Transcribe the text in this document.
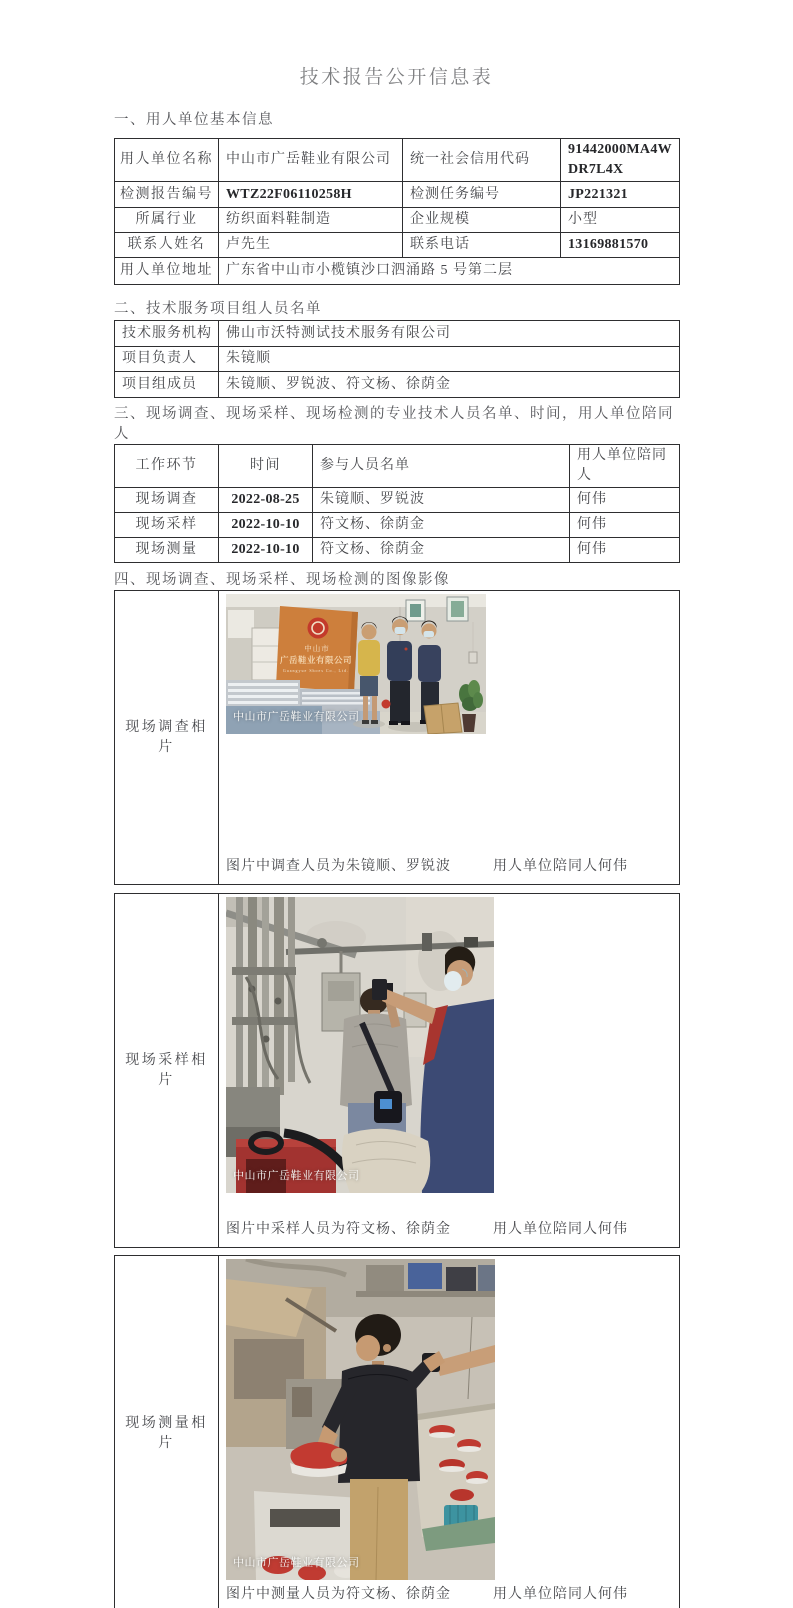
技术报告公开信息表
一、用人单位基本信息
用人单位名称	中山市广岳鞋业有限公司	统一社会信用代码	91442000MA4WDR7L4X
检测报告编号	WTZ22F06110258H	检测任务编号	JP221321
所属行业	纺织面料鞋制造	企业规模	小型
联系人姓名	卢先生	联系电话	13169881570
用人单位地址	广东省中山市小榄镇沙口泗涌路 5 号第二层		
二、技术服务项目组人员名单
技术服务机构	佛山市沃特测试技术服务有限公司
项目负责人	朱镜顺
项目组成员	朱镜顺、罗锐波、符文杨、徐荫金
三、现场调查、现场采样、现场检测的专业技术人员名单、时间，用人单位陪同人
工作环节	时间	参与人员名单	用人单位陪同人
现场调查	2022-08-25	朱镜顺、罗锐波	何伟
现场采样	2022-10-10	符文杨、徐荫金	何伟
现场测量	2022-10-10	符文杨、徐荫金	何伟
四、现场调查、现场采样、现场检测的图像影像
现场调查相片	
中山市
广岳鞋业有限公司
Guangyue Shoes Co., Ltd.
中山市广岳鞋业有限公司
图片中调查人员为朱镜顺、罗锐波	用人单位陪同人何伟
现场采样相片	
中山市广岳鞋业有限公司
图片中采样人员为符文杨、徐荫金	用人单位陪同人何伟
现场测量相片	
中山市广岳鞋业有限公司
图片中测量人员为符文杨、徐荫金	用人单位陪同人何伟
